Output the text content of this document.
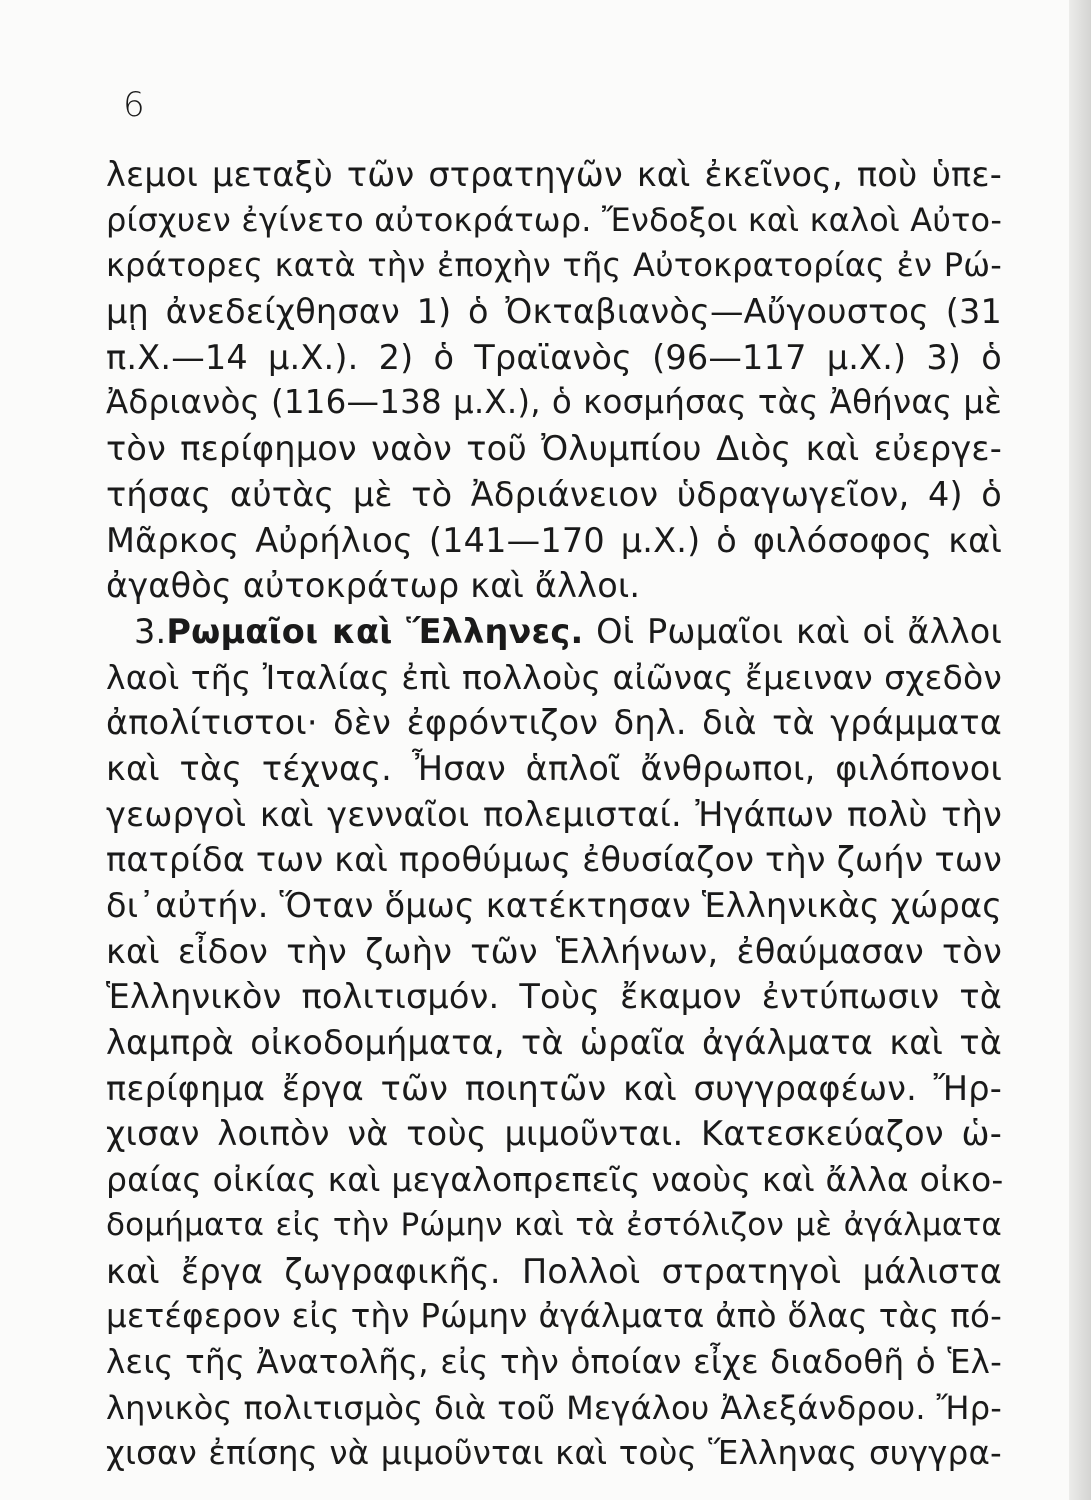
6
λεμοι μεταξὺ τῶν στρατηγῶν καὶ ἐκεῖνος, ποὺ ὑπε-
ρίσχυεν ἐγίνετο αὐτοκράτωρ. Ἔνδοξοι καὶ καλοὶ Αὐτο-
κράτορες κατὰ τὴν ἐποχὴν τῆς Αὐτοκρατορίας ἐν Ρώ-
μῃ ἀνεδείχθησαν 1) ὁ Ὀκταβιανὸς—Αὔγουστος (31
π.Χ.—14 μ.Χ.). 2) ὁ Τραϊανὸς (96—117 μ.Χ.) 3) ὁ
Ἀδριανὸς (116—138 μ.Χ.), ὁ κοσμήσας τὰς Ἀθήνας μὲ
τὸν περίφημον ναὸν τοῦ Ὀλυμπίου Διὸς καὶ εὐεργε-
τήσας αὐτὰς μὲ τὸ Ἀδριάνειον ὑδραγωγεῖον, 4) ὁ
Μᾶρκος Αὐρήλιος (141—170 μ.Χ.) ὁ φιλόσοφος καὶ
ἀγαθὸς αὐτοκράτωρ καὶ ἄλλοι.
3.Ρωμαῖοι καὶ Ἕλληνες. Οἱ Ρωμαῖοι καὶ οἱ ἄλλοι
λαοὶ τῆς Ἰταλίας ἐπὶ πολλοὺς αἰῶνας ἔμειναν σχεδὸν
ἀπολίτιστοι· δὲν ἐφρόντιζον δηλ. διὰ τὰ γράμματα
καὶ τὰς τέχνας. Ἦσαν ἁπλοῖ ἄνθρωποι, φιλόπονοι
γεωργοὶ καὶ γενναῖοι πολεμισταί. Ἠγάπων πολὺ τὴν
πατρίδα των καὶ προθύμως ἐθυσίαζον τὴν ζωήν των
δι᾽αὐτήν. Ὅταν ὅμως κατέκτησαν Ἑλληνικὰς χώρας
καὶ εἶδον τὴν ζωὴν τῶν Ἑλλήνων, ἐθαύμασαν τὸν
Ἑλληνικὸν πολιτισμόν. Τοὺς ἔκαμον ἐντύπωσιν τὰ
λαμπρὰ οἰκοδομήματα, τὰ ὡραῖα ἀγάλματα καὶ τὰ
περίφημα ἔργα τῶν ποιητῶν καὶ συγγραφέων. Ἤρ-
χισαν λοιπὸν νὰ τοὺς μιμοῦνται. Κατεσκεύαζον ὡ-
ραίας οἰκίας καὶ μεγαλοπρεπεῖς ναοὺς καὶ ἄλλα οἰκο-
δομήματα εἰς τὴν Ρώμην καὶ τὰ ἐστόλιζον μὲ ἀγάλματα
καὶ ἔργα ζωγραφικῆς. Πολλοὶ στρατηγοὶ μάλιστα
μετέφερον εἰς τὴν Ρώμην ἀγάλματα ἀπὸ ὅλας τὰς πό-
λεις τῆς Ἀνατολῆς, εἰς τὴν ὁποίαν εἶχε διαδοθῆ ὁ Ἑλ-
ληνικὸς πολιτισμὸς διὰ τοῦ Μεγάλου Ἀλεξάνδρου. Ἤρ-
χισαν ἐπίσης νὰ μιμοῦνται καὶ τοὺς Ἕλληνας συγγρα-
